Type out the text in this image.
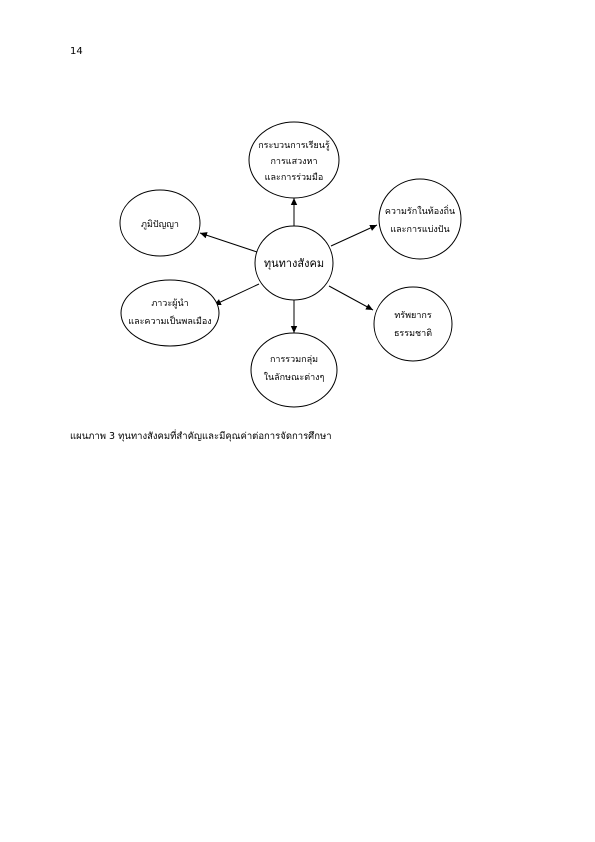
14
ทุนทางสังคม
กระบวนการเรียนรู้
การแสวงหา
และการร่วมมือ
ความรักในท้องถิ่น
และการแบ่งปัน
ทรัพยากร
ธรรมชาติ
การรวมกลุ่ม
ในลักษณะต่างๆ
ภาวะผู้นำ
และความเป็นพลเมือง
ภูมิปัญญา
แผนภาพ 3 ทุนทางสังคมที่สำคัญและมีคุณค่าต่อการจัดการศึกษา
